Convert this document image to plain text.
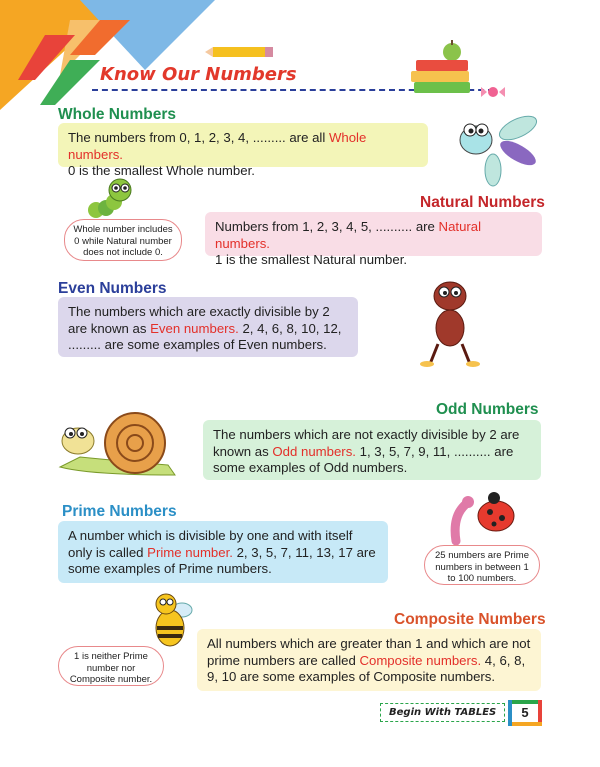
Know Our Numbers
Whole Numbers
The numbers from 0, 1, 2, 3, 4, ......... are all Whole numbers.
0 is the smallest Whole number.
Whole number includes 0 while Natural number does not include 0.
Natural Numbers
Numbers from 1, 2, 3, 4, 5, .......... are Natural numbers.
1 is the smallest Natural number.
Even Numbers
The numbers which are exactly divisible by 2 are known as Even numbers. 2, 4, 6, 8, 10, 12, ......... are some examples of Even numbers.
Odd Numbers
The numbers which are not exactly divisible by 2 are known as Odd numbers. 1, 3, 5, 7, 9, 11, .......... are some examples of Odd numbers.
Prime Numbers
A number which is divisible by one and with itself only is called Prime number. 2, 3, 5, 7, 11, 13, 17 are some examples of Prime numbers.
25 numbers are Prime numbers in between 1 to 100 numbers.
1 is neither Prime number nor Composite number.
Composite Numbers
All numbers which are greater than 1 and which are not prime numbers are called Composite numbers. 4, 6, 8, 9, 10 are some examples of Composite numbers.
Begin With TABLES	5
